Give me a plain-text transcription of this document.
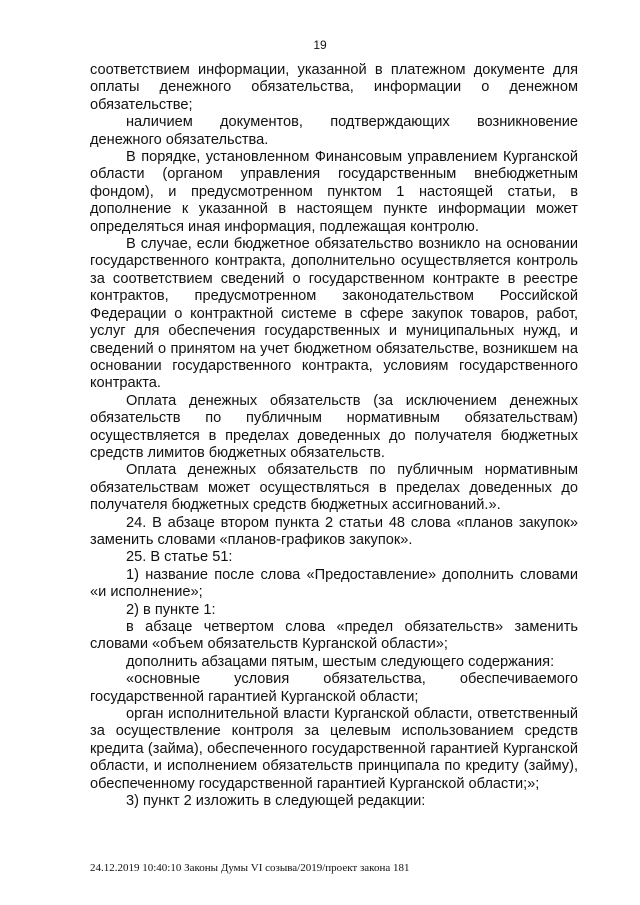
19

соответствием информации, указанной в платежном документе для оплаты денежного обязательства, информации о денежном обязательстве;

наличием документов, подтверждающих возникновение денежного обязательства.

В порядке, установленном Финансовым управлением Курганской области (органом управления государственным внебюджетным фондом), и предусмотренном пунктом 1 настоящей статьи, в дополнение к указанной в настоящем пункте информации может определяться иная информация, подлежащая контролю.

В случае, если бюджетное обязательство возникло на основании государственного контракта, дополнительно осуществляется контроль за соответствием сведений о государственном контракте в реестре контрактов, предусмотренном законодательством Российской Федерации о контрактной системе в сфере закупок товаров, работ, услуг для обеспечения государственных и муниципальных нужд, и сведений о принятом на учет бюджетном обязательстве, возникшем на основании государственного контракта, условиям государственного контракта.

Оплата денежных обязательств (за исключением денежных обязательств по публичным нормативным обязательствам) осуществляется в пределах доведенных до получателя бюджетных средств лимитов бюджетных обязательств.

Оплата денежных обязательств по публичным нормативным обязательствам может осуществляться в пределах доведенных до получателя бюджетных средств бюджетных ассигнований.».

24. В абзаце втором пункта 2 статьи 48 слова «планов закупок» заменить словами «планов-графиков закупок».

25. В статье 51:

1) название после слова «Предоставление» дополнить словами «и исполнение»;

2) в пункте 1:

в абзаце четвертом слова «предел обязательств» заменить словами «объем обязательств Курганской области»;

дополнить абзацами пятым, шестым следующего содержания:

«основные условия обязательства, обеспечиваемого государственной гарантией Курганской области;

орган исполнительной власти Курганской области, ответственный за осуществление контроля за целевым использованием средств кредита (займа), обеспеченного государственной гарантией Курганской области, и исполнением обязательств принципала по кредиту (займу), обеспеченному государственной гарантией Курганской области;»;

3) пункт 2 изложить в следующей редакции:

24.12.2019 10:40:10 Законы Думы VI созыва/2019/проект закона 181
